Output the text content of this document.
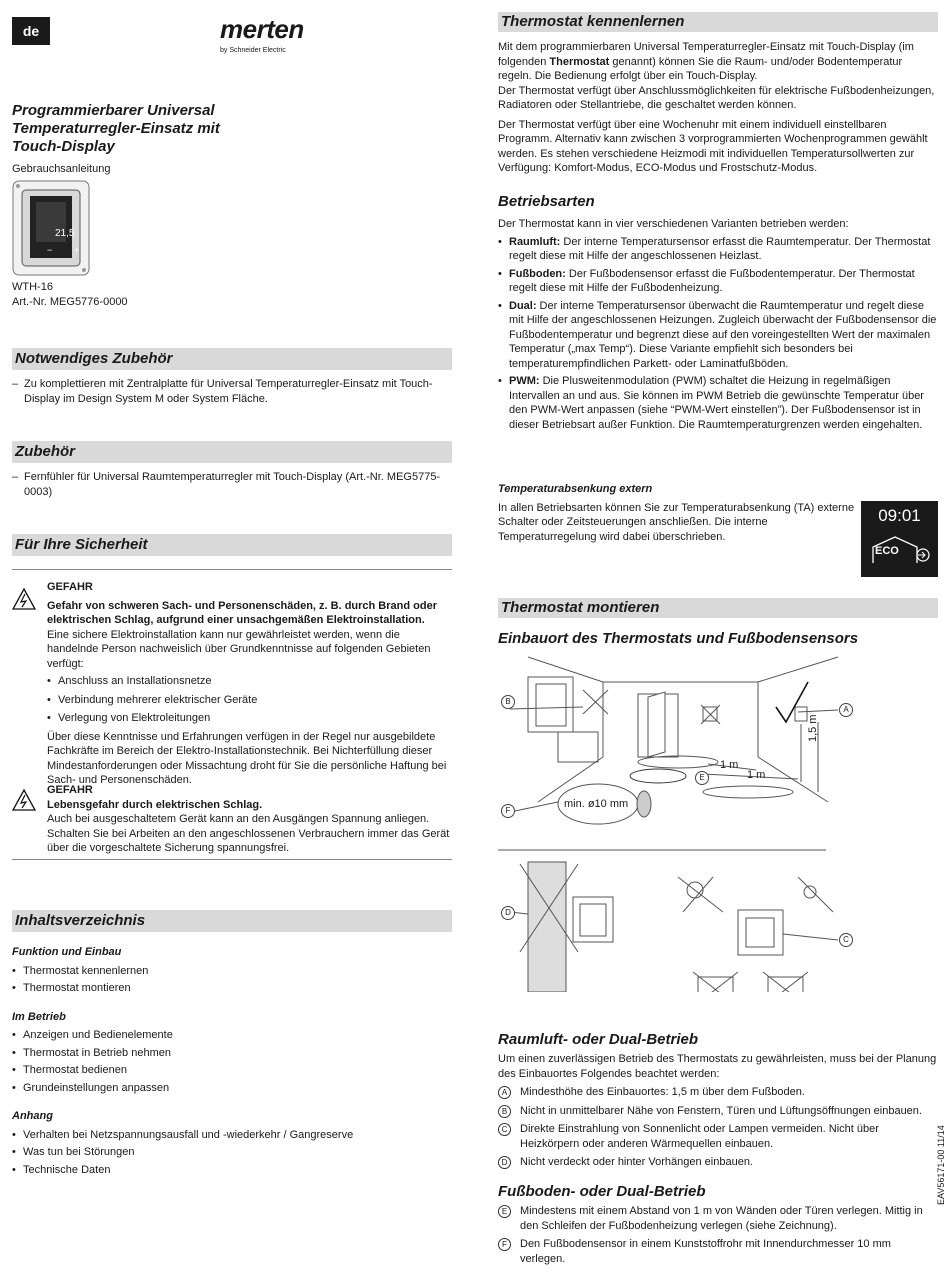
de	merten
by Schneider Electric
Programmierbarer Universal
Temperaturregler-Einsatz mit
Touch-Display
Gebrauchsanleitung
21,5
− +
WTH-16
Art.-Nr. MEG5776-0000
Notwendiges Zubehör
– Zu komplettieren mit Zentralplatte für Universal Temperaturregler-Einsatz mit Touch-Display im Design System M oder System Fläche.
Zubehör
– Fernfühler für Universal Raumtemperaturregler mit Touch-Display (Art.-Nr. MEG5775-0003)
Für Ihre Sicherheit
GEFAHR
Gefahr von schweren Sach- und Personenschäden, z. B. durch Brand oder elektrischen Schlag, aufgrund einer unsachgemäßen Elektroinstallation.
Eine sichere Elektroinstallation kann nur gewährleistet werden, wenn die handelnde Person nachweislich über Grundkenntnisse auf folgenden Gebieten verfügt:
• Anschluss an Installationsnetze
• Verbindung mehrerer elektrischer Geräte
• Verlegung von Elektroleitungen
Über diese Kenntnisse und Erfahrungen verfügen in der Regel nur ausgebildete Fachkräfte im Bereich der Elektro-Installationstechnik. Bei Nichterfüllung dieser Mindestanforderungen oder Missachtung droht für Sie die persönliche Haftung bei Sach- und Personenschäden.
GEFAHR
Lebensgefahr durch elektrischen Schlag.
Auch bei ausgeschaltetem Gerät kann an den Ausgängen Spannung anliegen. Schalten Sie bei Arbeiten an den angeschlossenen Verbrauchern immer das Gerät über die vorgeschaltete Sicherung spannungsfrei.
Inhaltsverzeichnis
Funktion und Einbau
• Thermostat kennenlernen
• Thermostat montieren
Im Betrieb
• Anzeigen und Bedienelemente
• Thermostat in Betrieb nehmen
• Thermostat bedienen
• Grundeinstellungen anpassen
Anhang
• Verhalten bei Netzspannungsausfall und -wiederkehr / Gangreserve
• Was tun bei Störungen
• Technische Daten
Thermostat kennenlernen

Mit dem programmierbaren Universal Temperaturregler-Einsatz mit Touch-Display (im folgenden Thermostat genannt) können Sie die Raum- und/oder Bodentemperatur regeln. Die Bedienung erfolgt über ein Touch-Display.
Der Thermostat verfügt über Anschlussmöglichkeiten für elektrische Fußbodenheizungen, Radiatoren oder Stellantriebe, die geschaltet werden können.

Der Thermostat verfügt über eine Wochenuhr mit einem individuell einstellbaren Programm. Alternativ kann zwischen 3 vorprogrammierten Wochenprogrammen gewählt werden. Es stehen verschiedene Heizmodi mit individuellen Temperatursollwerten zur Verfügung: Komfort-Modus, ECO-Modus und Frostschutz-Modus.

Betriebsarten

Der Thermostat kann in vier verschiedenen Varianten betrieben werden:

• Raumluft: Der interne Temperatursensor erfasst die Raumtemperatur. Der Thermostat regelt diese mit Hilfe der angeschlossenen Heizlast.
• Fußboden: Der Fußbodensensor erfasst die Fußbodentemperatur. Der Thermostat regelt diese mit Hilfe der Fußbodenheizung.
• Dual: Der interne Temperatursensor überwacht die Raumtemperatur und regelt diese mit Hilfe der angeschlossenen Heizungen. Zugleich überwacht der Fußbodensensor die Fußbodentemperatur und begrenzt diese auf den voreingestellten Wert der maximalen Temperatur („max Temp“). Diese Variante empfiehlt sich besonders bei temperaturempfindlichen Parkett- oder Laminatfußböden.
• PWM: Die Plusweitenmodulation (PWM) schaltet die Heizung in regelmäßigen Intervallen an und aus. Sie können im PWM Betrieb die gewünschte Temperatur über den PWM-Wert anpassen (siehe “PWM-Wert einstellen”). Der Fußbodensensor ist in dieser Betriebsart außer Funktion. Die Raumtemperaturgrenzen werden eingehalten.
Temperaturabsenkung extern

In allen Betriebsarten können Sie zur Temperaturabsenkung (TA) externe Schalter oder Zeitsteuerungen anschließen. Die interne Temperaturregelung wird dabei überschrieben.

09:01
ECO
Thermostat montieren
Einbauort des Thermostats und Fußbodensensors
B
A
E
F
D
C
1 m
1 m
1,5 m
min. ø10 mm
Raumluft- oder Dual-Betrieb

Um einen zuverlässigen Betrieb des Thermostats zu gewährleisten, muss bei der Planung des Einbauortes Folgendes beachtet werden:

A	Mindesthöhe des Einbauortes: 1,5 m über dem Fußboden.
B	Nicht in unmittelbarer Nähe von Fenstern, Türen und Lüftungsöffnungen einbauen.
C	Direkte Einstrahlung von Sonnenlicht oder Lampen vermeiden. Nicht über Heizkörpern oder anderen Wärmequellen einbauen.
D	Nicht verdeckt oder hinter Vorhängen einbauen.
Fußboden- oder Dual-Betrieb
E	Mindestens mit einem Abstand von 1 m von Wänden oder Türen verlegen. Mittig in den Schleifen der Fußbodenheizung verlegen (siehe Zeichnung).
F	Den Fußbodensensor in einem Kunststoffrohr mit Innendurchmesser 10 mm verlegen.
EAV56171-00 11/14
